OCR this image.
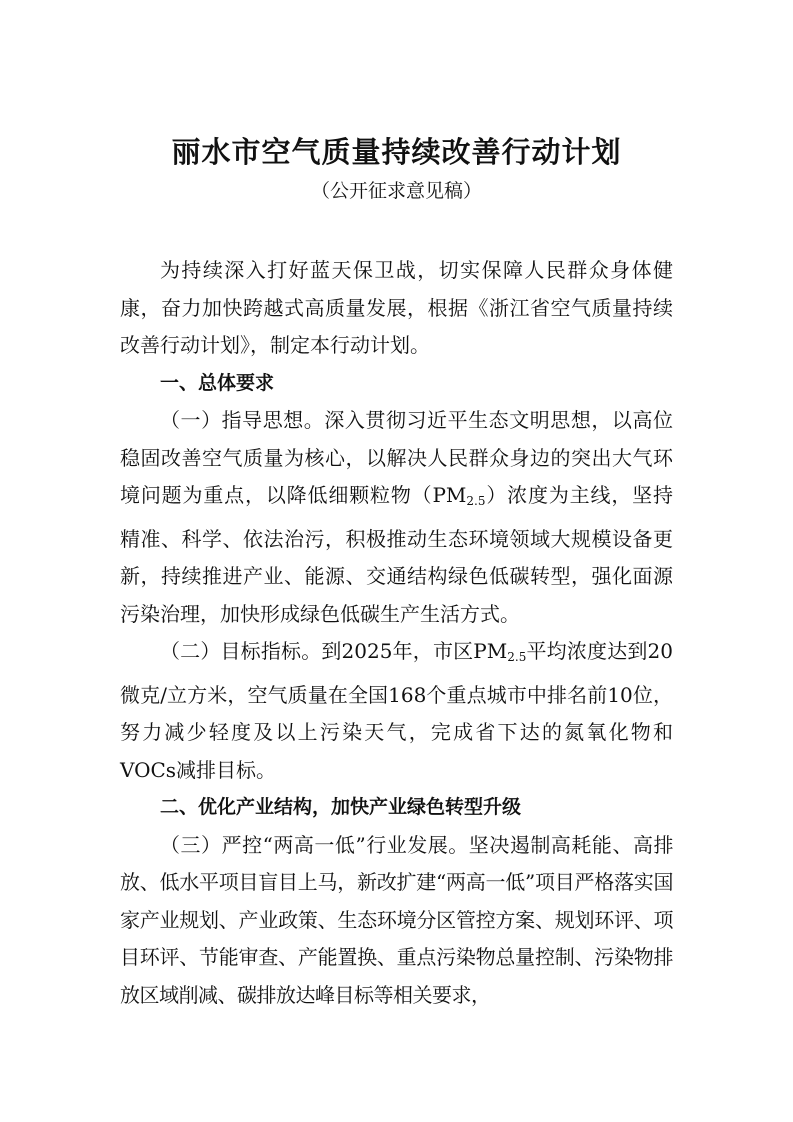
丽水市空气质量持续改善行动计划
（公开征求意见稿）

为持续深入打好蓝天保卫战，切实保障人民群众身体健康，奋力加快跨越式高质量发展，根据《浙江省空气质量持续改善行动计划》，制定本行动计划。

一、总体要求

（一）指导思想。深入贯彻习近平生态文明思想，以高位稳固改善空气质量为核心，以解决人民群众身边的突出大气环境问题为重点，以降低细颗粒物$(PM_{2.5})$浓度为主线，坚持精准、科学、依法治污，积极推动生态环境领域大规模设备更新，持续推进产业、能源、交通结构绿色低碳转型，强化面源污染治理，加快形成绿色低碳生产生活方式。

（二）目标指标。到2025年，市区$PM_{2.5}$平均浓度达到20微克/立方米，空气质量在全国168个重点城市中排名前10位，努力减少轻度及以上污染天气，完成省下达的氮氧化物和VOCs减排目标。

二、优化产业结构，加快产业绿色转型升级

（三）严控“两高一低”行业发展。坚决遏制高耗能、高排放、低水平项目盲目上马，新改扩建“两高一低”项目严格落实国家产业规划、产业政策、生态环境分区管控方案、规划环评、项目环评、节能审查、产能置换、重点污染物总量控制、污染物排放区域削减、碳排放达峰目标等相关要求，
